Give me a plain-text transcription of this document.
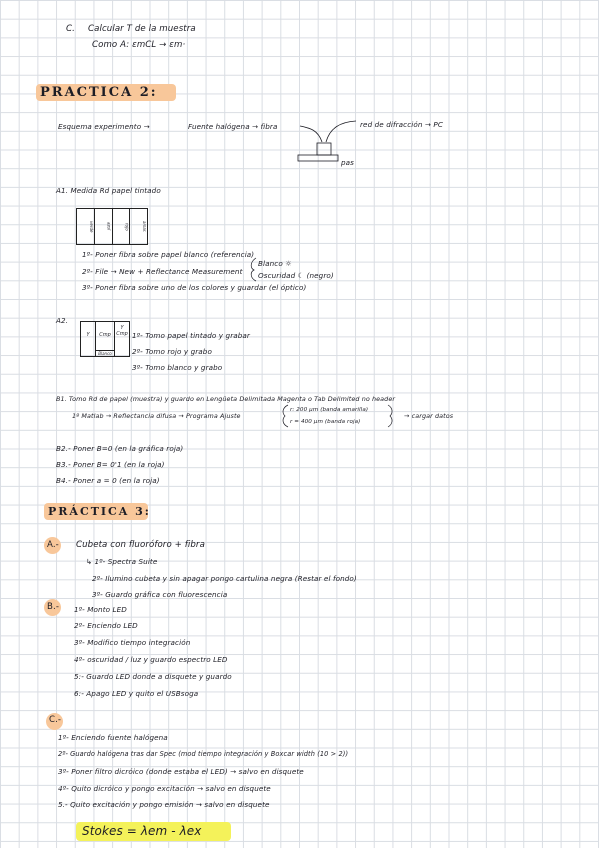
C. Calcular T de la muestra
Como A: εmCL → εm·
PRACTICA 2:
Esquema experimento →	Fuente halógena → fibra	red de difracción → PC
pas
A1. Medida Rd papel tintado
verde	azul	rojo	amar.
1º- Poner fibra sobre papel blanco (referencia)
2º- File → New + Reflectance Measurement
Blanco ☼
Oscuridad ☾ (negro)
3º- Poner fibra sobre uno de los colores y guardar (el óptico)
A2.
Y	Cmp
Blanco
Y
Cmp 1º- Tomo papel tintado y grabar
2º- Tomo rojo y grabo
3º- Tomo blanco y grabo
B1. Tomo Rd de papel (muestra) y guardo en Lengüeta Delimitada Magenta o Tab Delimited no header
1º Matlab → Reflectancia difusa → Programa Ajuste
r: 200 μm (banda amarilla)
r = 400 μm (banda roja)
→ cargar datos
B2.- Poner B=0 (en la gráfica roja)
B3.- Poner B= 0'1 (en la roja)
B4.- Poner a = 0 (en la roja)
PRÁCTICA 3:
A.- Cubeta con fluoróforo + fibra
↳ 1º- Spectra Suite
2º- Ilumino cubeta y sin apagar pongo cartulina negra (Restar el fondo)
3º- Guardo gráfica con fluorescencia
B.- 1º- Monto LED
2º- Enciendo LED
3º- Modifico tiempo integración
4º- oscuridad / luz y guardo espectro LED
5:- Guardo LED donde a disquete y guardo
6:- Apago LED y quito el USBsoga
C.-
1º- Enciendo fuente halógena
2º- Guardo halógena tras dar Spec (mod tiempo integración y Boxcar width (10 > 2))
3º- Poner filtro dicróico (donde estaba el LED) → salvo en disquete
4º- Quito dicróico y pongo excitación → salvo en disquete
5.- Quito excitación y pongo emisión → salvo en disquete
Stokes = λem - λex
